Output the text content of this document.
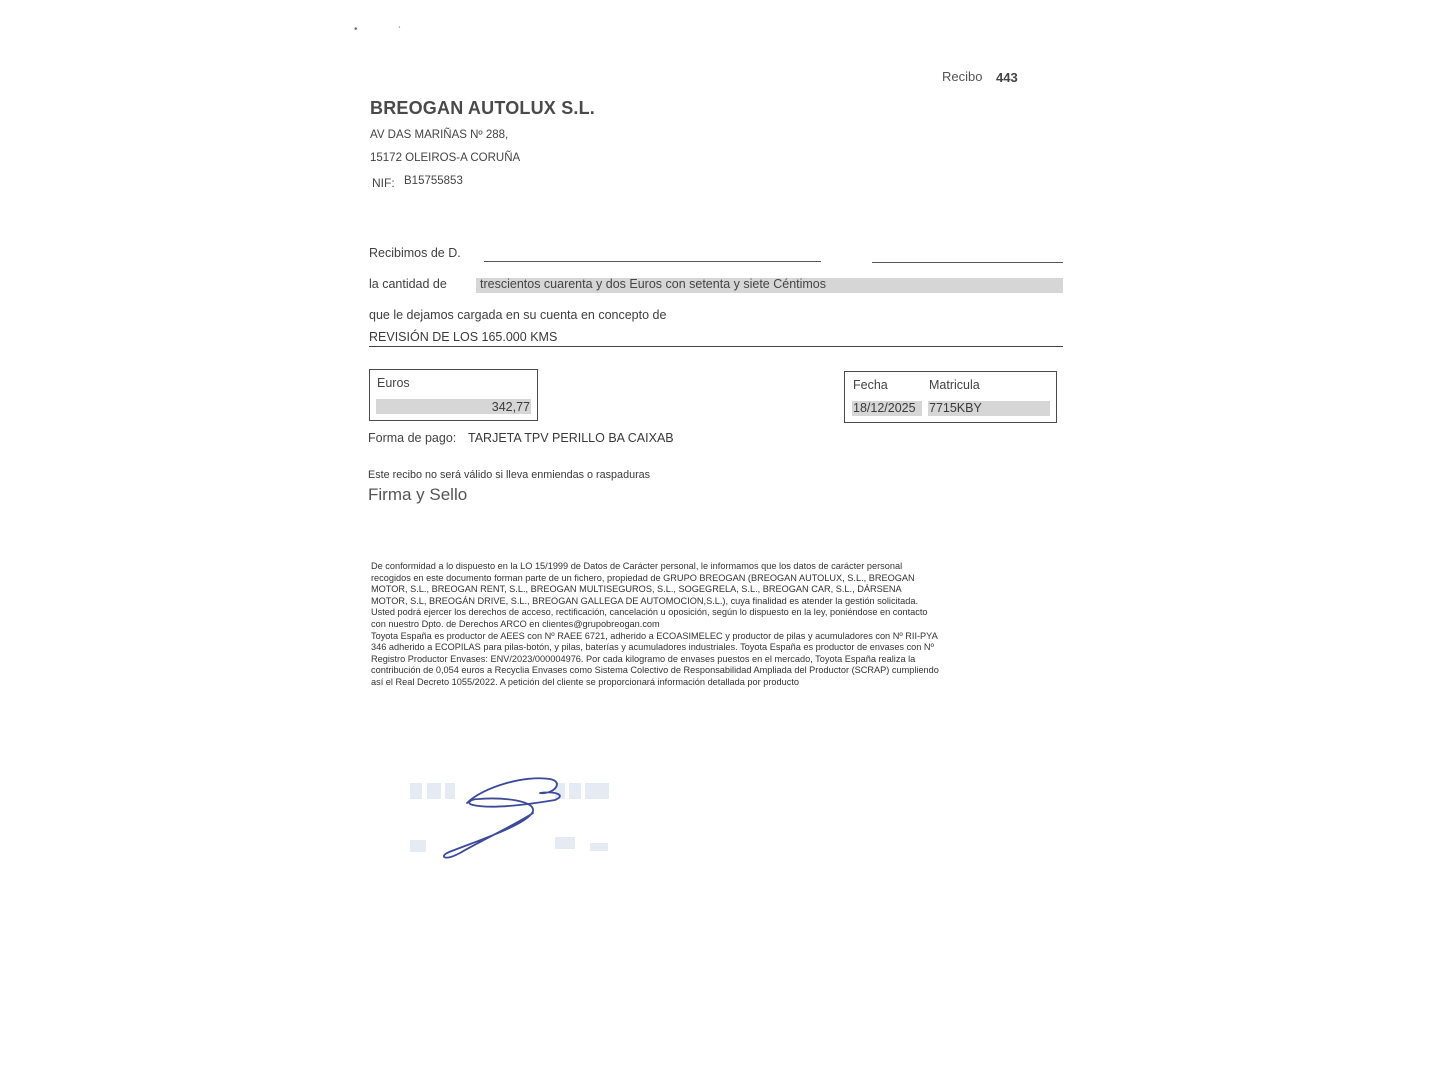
•
ˎ
Recibo 443
BREOGAN AUTOLUX S.L.
AV DAS MARIÑAS Nº 288,
15172 OLEIROS-A CORUÑA
NIF: B15755853
Recibimos de D.
la cantidad de	trescientos cuarenta y dos Euros con setenta y siete Céntimos
que le dejamos cargada en su cuenta en concepto de
REVISIÓN DE LOS 165.000 KMS
Euros
342,77
Fecha	Matricula
18/12/2025 7715KBY
Forma de pago: TARJETA TPV PERILLO BA CAIXAB
Este recibo no será válido si lleva enmiendas o raspaduras
Firma y Sello
De conformidad a lo dispuesto en la LO 15/1999 de Datos de Carácter personal, le informamos que los datos de carácter personal
recogidos en este documento forman parte de un fichero, propiedad de GRUPO BREOGAN (BREOGAN AUTOLUX, S.L., BREOGAN
MOTOR, S.L., BREOGAN RENT, S.L., BREOGAN MULTISEGUROS, S.L., SOGEGRELA, S.L., BREOGAN CAR, S.L., DÁRSENA
MOTOR, S.L, BREOGÁN DRIVE, S.L., BREOGAN GALLEGA DE AUTOMOCION,S.L.), cuya finalidad es atender la gestión solicitada.
Usted podrá ejercer los derechos de acceso, rectificación, cancelación u oposición, según lo dispuesto en la ley, poniéndose en contacto
con nuestro Dpto. de Derechos ARCO en clientes@grupobreogan.com
Toyota España es productor de AEES con Nº RAEE 6721, adherido a ECOASIMELEC y productor de pilas y acumuladores con Nº RII-PYA
346 adherido a ECOPILAS para pilas-botón, y pilas, baterías y acumuladores industriales. Toyota España es productor de envases con Nº
Registro Productor Envases: ENV/2023/000004976. Por cada kilogramo de envases puestos en el mercado, Toyota España realiza la
contribución de 0,054 euros a Recyclia Envases como Sistema Colectivo de Responsabilidad Ampliada del Productor (SCRAP) cumpliendo
así el Real Decreto 1055/2022. A petición del cliente se proporcionará información detallada por producto
